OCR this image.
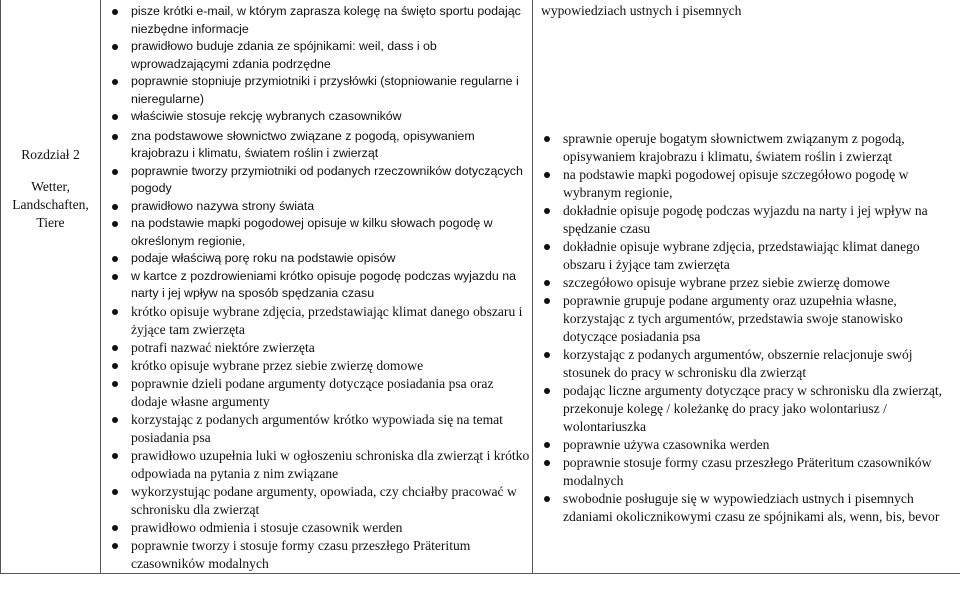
Rozdział 2
Wetter,
Landschaften,
Tiere

pisze krótki e-mail, w którym zaprasza kolegę na święto sportu podając niezbędne informacje
prawidłowo buduje zdania ze spójnikami: weil, dass i ob wprowadzającymi zdania podrzędne
poprawnie stopniuje przymiotniki i przysłówki (stopniowanie regularne i nieregularne)
właściwie stosuje rekcję wybranych czasowników
zna podstawowe słownictwo związane z pogodą, opisywaniem krajobrazu i klimatu, światem roślin i zwierząt
poprawnie tworzy przymiotniki od podanych rzeczowników dotyczących pogody
prawidłowo nazywa strony świata
na podstawie mapki pogodowej opisuje w kilku słowach pogodę w określonym regionie,
podaje właściwą porę roku na podstawie opisów
w kartce z pozdrowieniami krótko opisuje pogodę podczas wyjazdu na narty i jej wpływ na sposób spędzania czasu
krótko opisuje wybrane zdjęcia, przedstawiając klimat danego obszaru i żyjące tam zwierzęta
potrafi nazwać niektóre zwierzęta
krótko opisuje wybrane przez siebie zwierzę domowe
poprawnie dzieli podane argumenty dotyczące posiadania psa oraz dodaje własne argumenty
korzystając z podanych argumentów krótko wypowiada się na temat posiadania psa
prawidłowo uzupełnia luki w ogłoszeniu schroniska dla zwierząt i krótko odpowiada na pytania z nim związane
wykorzystując podane argumenty, opowiada, czy chciałby pracować w schronisku dla zwierząt
prawidłowo odmienia i stosuje czasownik werden
poprawnie tworzy i stosuje formy czasu przeszłego Präteritum czasowników modalnych

wypowiedziach ustnych i pisemnych
sprawnie operuje bogatym słownictwem związanym z pogodą, opisywaniem krajobrazu i klimatu, światem roślin i zwierząt
na podstawie mapki pogodowej opisuje szczegółowo pogodę w wybranym regionie,
dokładnie opisuje pogodę podczas wyjazdu na narty i jej wpływ na spędzanie czasu
dokładnie opisuje wybrane zdjęcia, przedstawiając klimat danego obszaru i żyjące tam zwierzęta
szczegółowo opisuje wybrane przez siebie zwierzę domowe
poprawnie grupuje podane argumenty oraz uzupełnia własne, korzystając z tych argumentów, przedstawia swoje stanowisko dotyczące posiadania psa
korzystając z podanych argumentów, obszernie relacjonuje swój stosunek do pracy w schronisku dla zwierząt
podając liczne argumenty dotyczące pracy w schronisku dla zwierząt, przekonuje kolegę / koleżankę do pracy jako wolontariusz / wolontariuszka
poprawnie używa czasownika werden
poprawnie stosuje formy czasu przeszłego Präteritum czasowników modalnych
swobodnie posługuje się w wypowiedziach ustnych i pisemnych zdaniami okolicznikowymi czasu ze spójnikami als, wenn, bis, bevor
